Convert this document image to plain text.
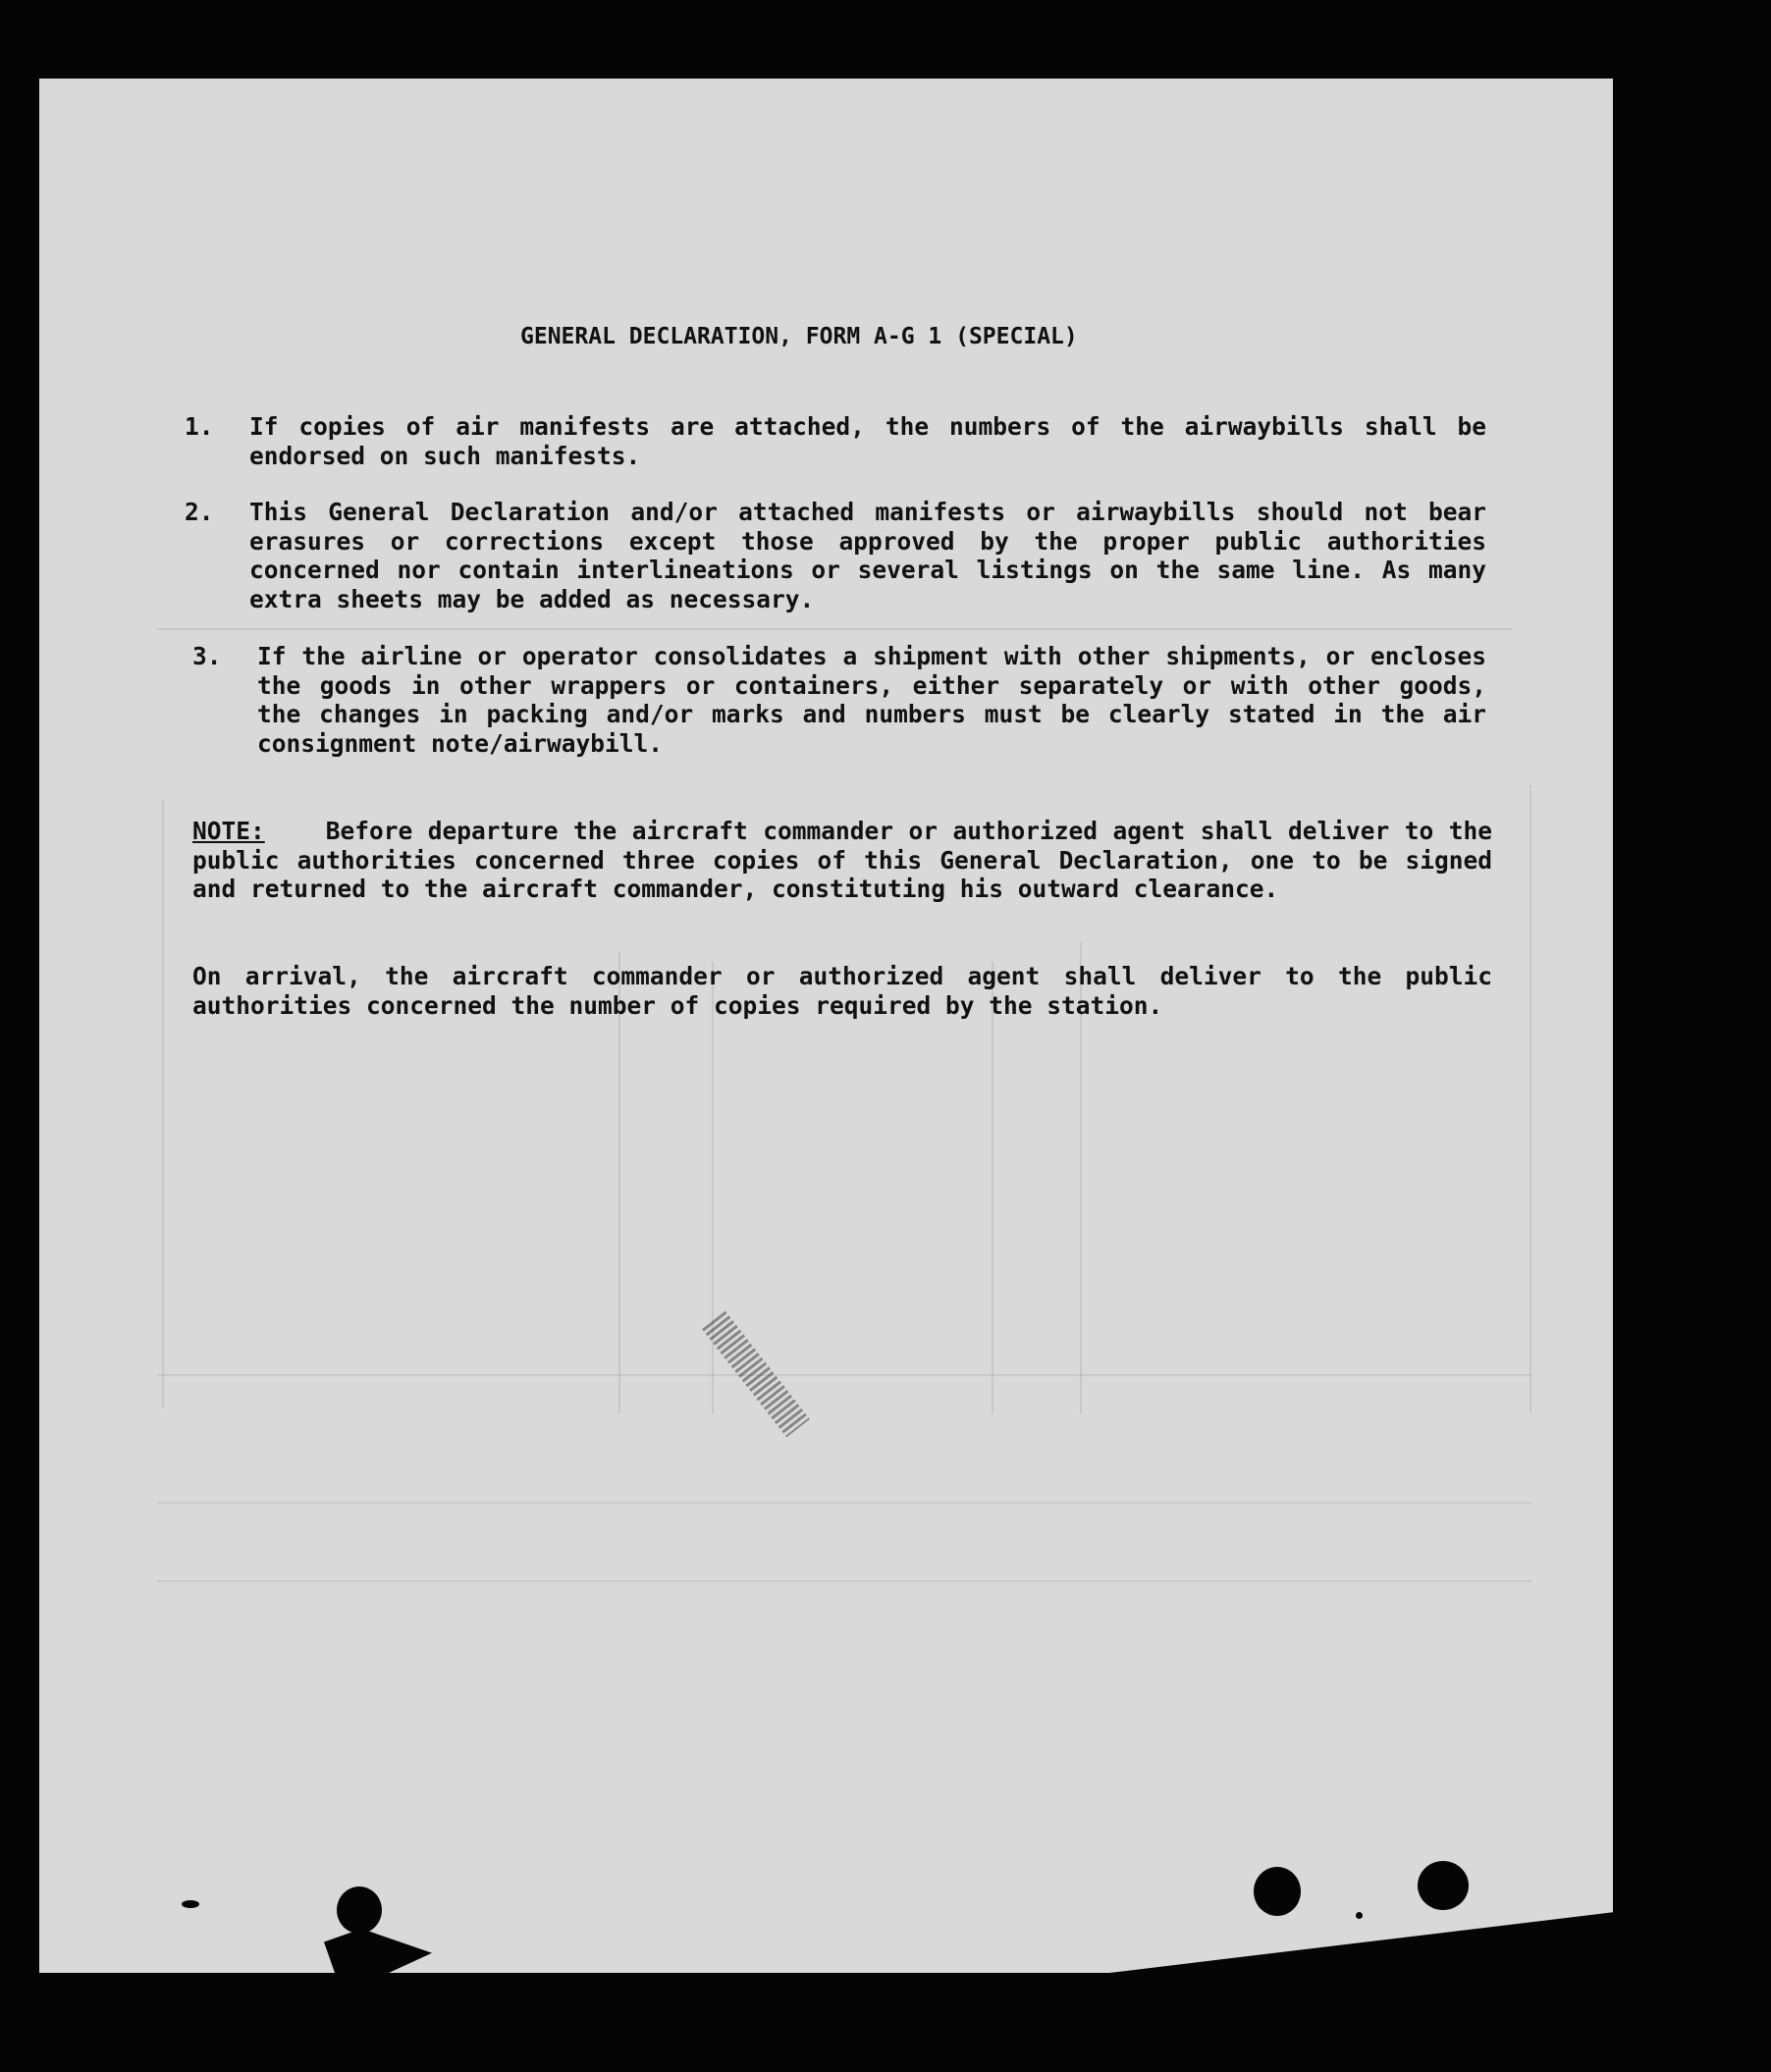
GENERAL DECLARATION, FORM A-G 1 (SPECIAL)
1.	If copies of air manifests are attached, the numbers of the airwaybills shall be endorsed on such manifests.
2.	This General Declaration and/or attached manifests or airwaybills should not bear erasures or corrections except those approved by the proper public authorities concerned nor contain interlineations or several listings on the same line. As many extra sheets may be added as necessary.
3.	If the airline or operator consolidates a shipment with other shipments, or encloses the goods in other wrappers or containers, either separately or with other goods, the changes in packing and/or marks and numbers must be clearly stated in the air consignment note/airwaybill.
NOTE:	Before departure the aircraft commander or authorized agent shall deliver to the public authorities concerned three copies of this General Declaration, one to be signed and returned to the aircraft commander, constituting his outward clearance.
On arrival, the aircraft commander or authorized agent shall deliver to the public authorities concerned the number of copies required by the station.
